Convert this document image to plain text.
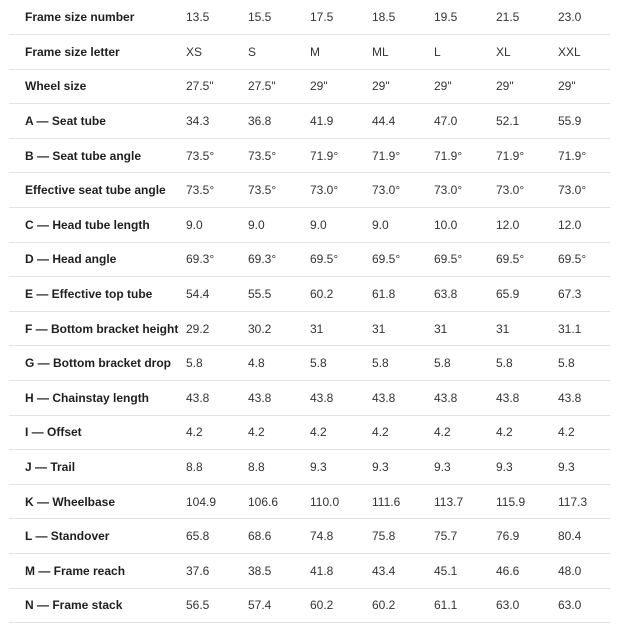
Frame size number	13.5	15.5	17.5	18.5	19.5	21.5	23.0
Frame size letter	XS	S	M	ML	L	XL	XXL
Wheel size	27.5"	27.5"	29"	29"	29"	29"	29"
A — Seat tube	34.3	36.8	41.9	44.4	47.0	52.1	55.9
B — Seat tube angle	73.5°	73.5°	71.9°	71.9°	71.9°	71.9°	71.9°
Effective seat tube angle	73.5°	73.5°	73.0°	73.0°	73.0°	73.0°	73.0°
C — Head tube length	9.0	9.0	9.0	9.0	10.0	12.0	12.0
D — Head angle	69.3°	69.3°	69.5°	69.5°	69.5°	69.5°	69.5°
E — Effective top tube	54.4	55.5	60.2	61.8	63.8	65.9	67.3
F — Bottom bracket height	29.2	30.2	31	31	31	31	31.1
G — Bottom bracket drop	5.8	4.8	5.8	5.8	5.8	5.8	5.8
H — Chainstay length	43.8	43.8	43.8	43.8	43.8	43.8	43.8
I — Offset	4.2	4.2	4.2	4.2	4.2	4.2	4.2
J — Trail	8.8	8.8	9.3	9.3	9.3	9.3	9.3
K — Wheelbase	104.9	106.6	110.0	111.6	113.7	115.9	117.3
L — Standover	65.8	68.6	74.8	75.8	75.7	76.9	80.4
M — Frame reach	37.6	38.5	41.8	43.4	45.1	46.6	48.0
N — Frame stack	56.5	57.4	60.2	60.2	61.1	63.0	63.0
